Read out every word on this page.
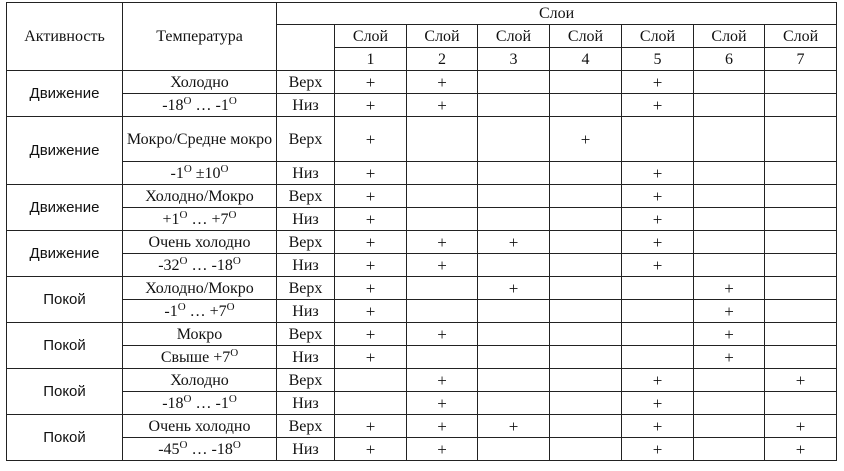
Активность	Температура	Слои							
			Слой	Слой	Слой	Слой	Слой	Слой	Слой
			1	2	3	4	5	6	7
Движение	Холодно	Верх	+	+			+		
	$-18^O$ … $-1^O$	Низ	+	+			+		
Движение	Мокро/Средне мокро	Верх	+			+			
	$-1^O \pm 10^O$	Низ	+				+		
Движение	Холодно/Мокро	Верх	+				+		
	$+1^O$ … $+7^O$	Низ	+				+		
Движение	Очень холодно	Верх	+	+	+		+		
	$-32^O$ … $-18^O$	Низ	+	+			+		
Покой	Холодно/Мокро	Верх	+		+			+	
	$-1^O$ … $+7^O$	Низ	+					+	
Покой	Мокро	Верх	+	+				+	
	Свыше $+7^O$	Низ	+					+	
Покой	Холодно	Верх		+			+		+
	$-18^O$ … $-1^O$	Низ		+			+		
Покой	Очень холодно	Верх	+	+	+		+		+
	$-45^O$ … $-18^O$	Низ	+	+			+		+
